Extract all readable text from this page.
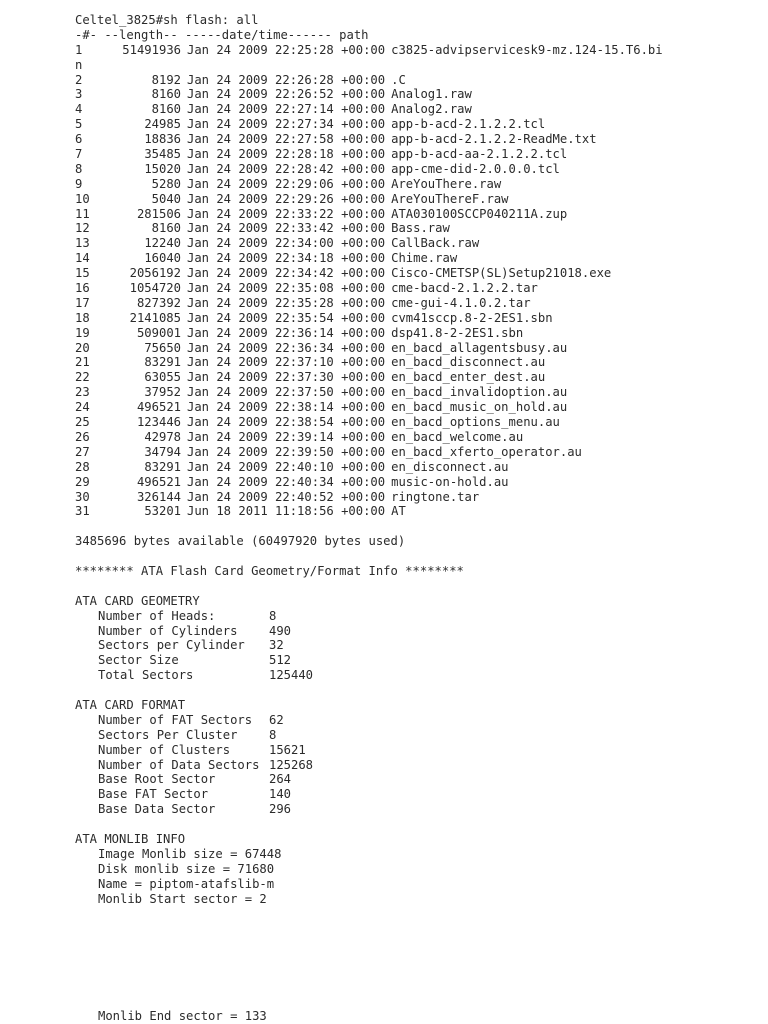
Celtel_3825#sh flash: all
-#- --length-- -----date/time------ path
1	51491936 Jan 24 2009 22:25:28 +00:00 c3825-advipservicesk9-mz.124-15.T6.bi
n
2	8192 Jan 24 2009 22:26:28 +00:00 .C
3	8160 Jan 24 2009 22:26:52 +00:00 Analog1.raw
4	8160 Jan 24 2009 22:27:14 +00:00 Analog2.raw
5	24985 Jan 24 2009 22:27:34 +00:00 app-b-acd-2.1.2.2.tcl
6	18836 Jan 24 2009 22:27:58 +00:00 app-b-acd-2.1.2.2-ReadMe.txt
7	35485 Jan 24 2009 22:28:18 +00:00 app-b-acd-aa-2.1.2.2.tcl
8	15020 Jan 24 2009 22:28:42 +00:00 app-cme-did-2.0.0.0.tcl
9	5280 Jan 24 2009 22:29:06 +00:00 AreYouThere.raw
10	5040 Jan 24 2009 22:29:26 +00:00 AreYouThereF.raw
11	281506 Jan 24 2009 22:33:22 +00:00 ATA030100SCCP040211A.zup
12	8160 Jan 24 2009 22:33:42 +00:00 Bass.raw
13	12240 Jan 24 2009 22:34:00 +00:00 CallBack.raw
14	16040 Jan 24 2009 22:34:18 +00:00 Chime.raw
15	2056192 Jan 24 2009 22:34:42 +00:00 Cisco-CMETSP(SL)Setup21018.exe
16	1054720 Jan 24 2009 22:35:08 +00:00 cme-bacd-2.1.2.2.tar
17	827392 Jan 24 2009 22:35:28 +00:00 cme-gui-4.1.0.2.tar
18	2141085 Jan 24 2009 22:35:54 +00:00 cvm41sccp.8-2-2ES1.sbn
19	509001 Jan 24 2009 22:36:14 +00:00 dsp41.8-2-2ES1.sbn
20	75650 Jan 24 2009 22:36:34 +00:00 en_bacd_allagentsbusy.au
21	83291 Jan 24 2009 22:37:10 +00:00 en_bacd_disconnect.au
22	63055 Jan 24 2009 22:37:30 +00:00 en_bacd_enter_dest.au
23	37952 Jan 24 2009 22:37:50 +00:00 en_bacd_invalidoption.au
24	496521 Jan 24 2009 22:38:14 +00:00 en_bacd_music_on_hold.au
25	123446 Jan 24 2009 22:38:54 +00:00 en_bacd_options_menu.au
26	42978 Jan 24 2009 22:39:14 +00:00 en_bacd_welcome.au
27	34794 Jan 24 2009 22:39:50 +00:00 en_bacd_xferto_operator.au
28	83291 Jan 24 2009 22:40:10 +00:00 en_disconnect.au
29	496521 Jan 24 2009 22:40:34 +00:00 music-on-hold.au
30	326144 Jan 24 2009 22:40:52 +00:00 ringtone.tar
31	53201 Jun 18 2011 11:18:56 +00:00 AT
3485696 bytes available (60497920 bytes used)
******** ATA Flash Card Geometry/Format Info ********
ATA CARD GEOMETRY
Number of Heads:	8
Number of Cylinders	490
Sectors per Cylinder	32
Sector Size	512
Total Sectors	125440
ATA CARD FORMAT
Number of FAT Sectors	62
Sectors Per Cluster	8
Number of Clusters	15621
Number of Data Sectors 125268
Base Root Sector	264
Base FAT Sector	140
Base Data Sector	296
ATA MONLIB INFO
Image Monlib size = 67448
Disk monlib size = 71680
Name = piptom-atafslib-m
Monlib Start sector = 2
Monlib End sector = 133
